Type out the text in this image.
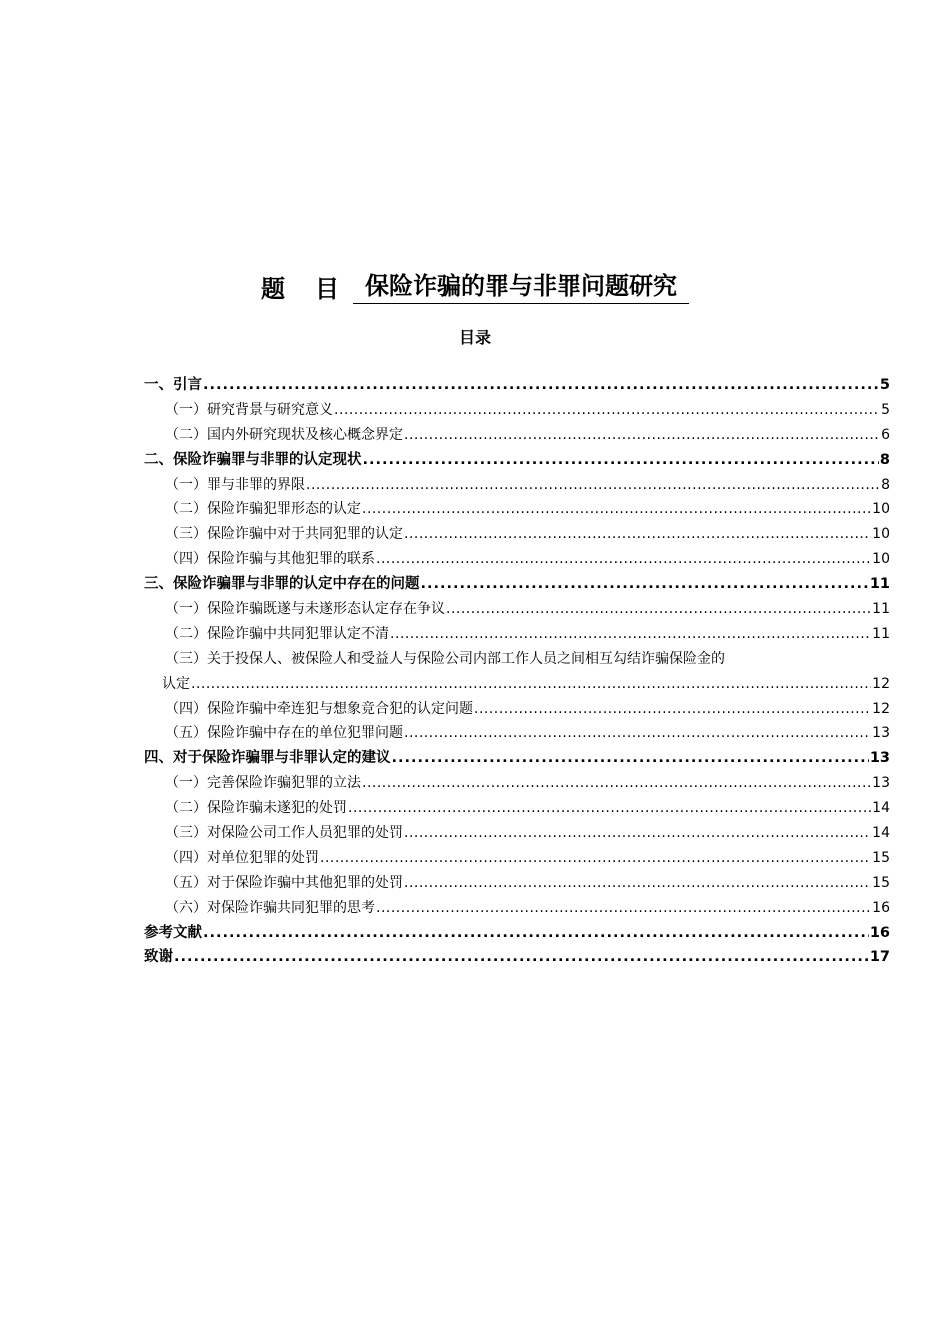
题 目	保险诈骗的罪与非罪问题研究
目录
一、引言 .....	5
（一）研究背景与研究意义 .....	5
（二）国内外研究现状及核心概念界定 .....	6
二、保险诈骗罪与非罪的认定现状 .....	8
（一）罪与非罪的界限 .....	8
（二）保险诈骗犯罪形态的认定 .....	10
（三）保险诈骗中对于共同犯罪的认定 .....	10
（四）保险诈骗与其他犯罪的联系 .....	10
三、保险诈骗罪与非罪的认定中存在的问题 .....	11
（一）保险诈骗既遂与未遂形态认定存在争议 .....	11
（二）保险诈骗中共同犯罪认定不清 .....	11
（三）关于投保人、被保险人和受益人与保险公司内部工作人员之间相互勾结诈骗保险金的
认定 .....	12
（四）保险诈骗中牵连犯与想象竞合犯的认定问题 .....	12
（五）保险诈骗中存在的单位犯罪问题 .....	13
四、对于保险诈骗罪与非罪认定的建议 .....	13
（一）完善保险诈骗犯罪的立法 .....	13
（二）保险诈骗未遂犯的处罚 .....	14
（三）对保险公司工作人员犯罪的处罚 .....	14
（四）对单位犯罪的处罚 .....	15
（五）对于保险诈骗中其他犯罪的处罚 .....	15
（六）对保险诈骗共同犯罪的思考 .....	16
参考文献 .....	16
致谢 .....	17
